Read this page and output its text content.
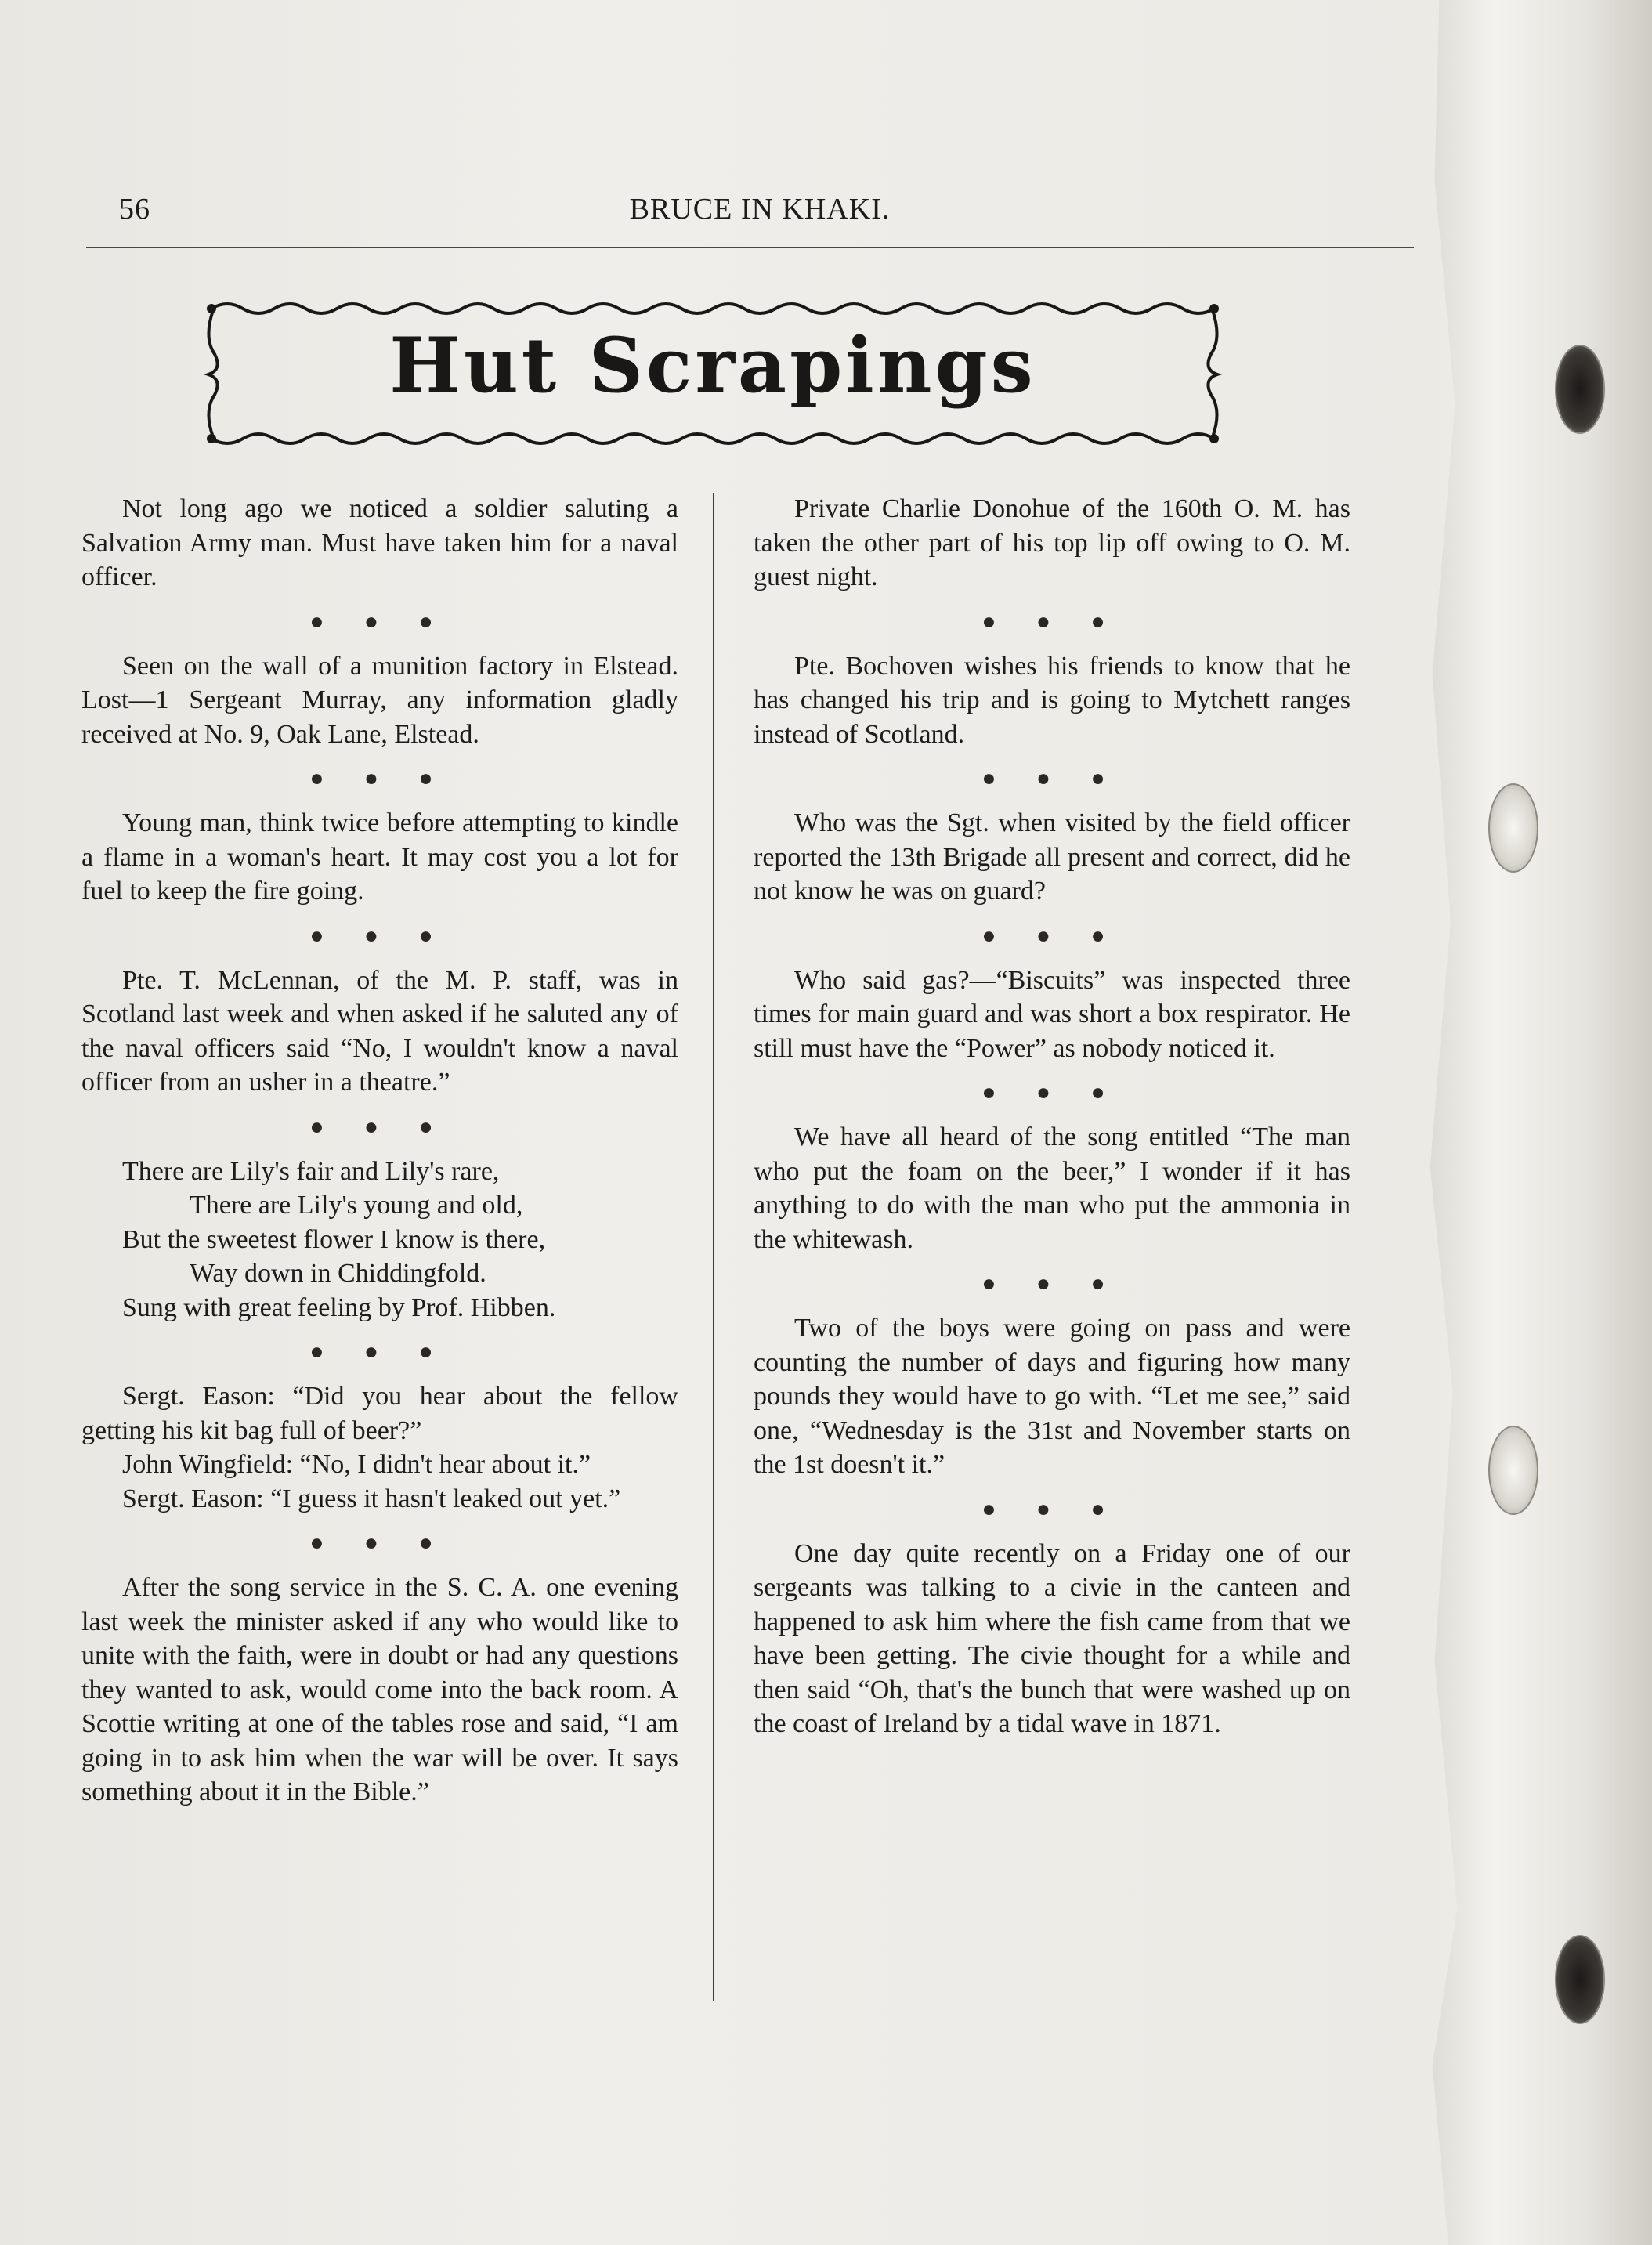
56	BRUCE IN KHAKI.
Hut Scrapings

Not long ago we noticed a soldier saluting a Salvation Army man. Must have taken him for a naval officer.

● ● ●

Seen on the wall of a munition factory in Elstead. Lost—1 Sergeant Murray, any information gladly received at No. 9, Oak Lane, Elstead.

● ● ●

Young man, think twice before attempting to kindle a flame in a woman's heart. It may cost you a lot for fuel to keep the fire going.

● ● ●

Pte. T. McLennan, of the M. P. staff, was in Scotland last week and when asked if he saluted any of the naval officers said “No, I wouldn't know a naval officer from an usher in a theatre.”

● ● ●

There are Lily's fair and Lily's rare,

There are Lily's young and old,

But the sweetest flower I know is there,

Way down in Chiddingfold.

Sung with great feeling by Prof. Hibben.

● ● ●

Sergt. Eason: “Did you hear about the fellow getting his kit bag full of beer?”

John Wingfield: “No, I didn't hear about it.”

Sergt. Eason: “I guess it hasn't leaked out yet.”

● ● ●

After the song service in the S. C. A. one evening last week the minister asked if any who would like to unite with the faith, were in doubt or had any questions they wanted to ask, would come into the back room. A Scottie writing at one of the tables rose and said, “I am going in to ask him when the war will be over. It says something about it in the Bible.”

Private Charlie Donohue of the 160th O. M. has taken the other part of his top lip off owing to O. M. guest night.

● ● ●

Pte. Bochoven wishes his friends to know that he has changed his trip and is going to Mytchett ranges instead of Scotland.

● ● ●

Who was the Sgt. when visited by the field officer reported the 13th Brigade all present and correct, did he not know he was on guard?

● ● ●

Who said gas?—“Biscuits” was inspected three times for main guard and was short a box respirator. He still must have the “Power” as nobody noticed it.

● ● ●

We have all heard of the song entitled “The man who put the foam on the beer,” I wonder if it has anything to do with the man who put the ammonia in the whitewash.

● ● ●

Two of the boys were going on pass and were counting the number of days and figuring how many pounds they would have to go with. “Let me see,” said one, “Wednesday is the 31st and November starts on the 1st doesn't it.”

● ● ●

One day quite recently on a Friday one of our sergeants was talking to a civie in the canteen and happened to ask him where the fish came from that we have been getting. The civie thought for a while and then said “Oh, that's the bunch that were washed up on the coast of Ireland by a tidal wave in 1871.
